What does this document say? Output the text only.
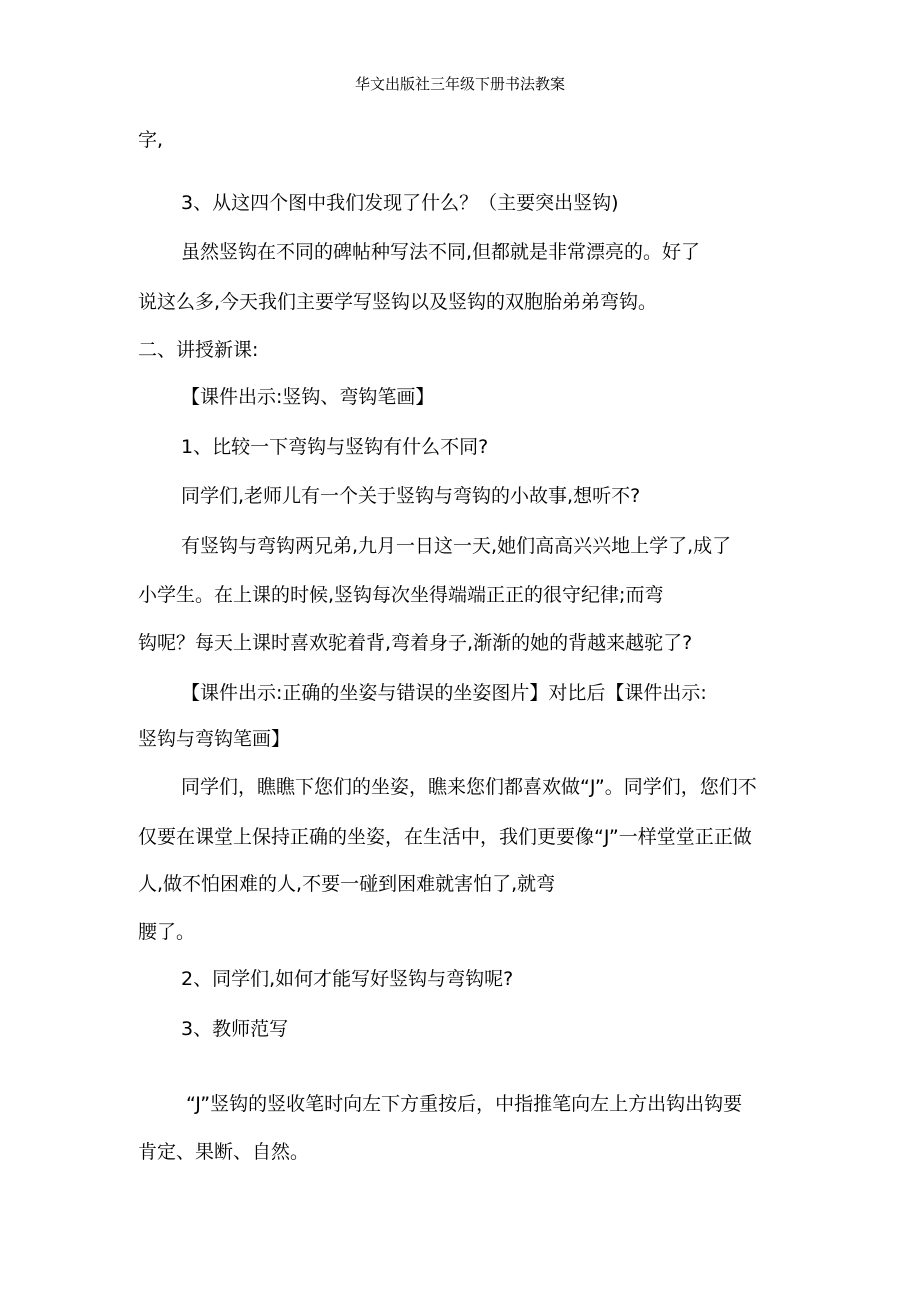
华文出版社三年级下册书法教案
字,
3、从这四个图中我们发现了什么？（主要突出竖钩)
虽然竖钩在不同的碑帖种写法不同,但都就是非常漂亮的。好了
说这么多,今天我们主要学写竖钩以及竖钩的双胞胎弟弟弯钩。
二、讲授新课:
【课件出示:竖钩、弯钩笔画】
1、比较一下弯钩与竖钩有什么不同?
同学们,老师儿有一个关于竖钩与弯钩的小故事,想听不?
有竖钩与弯钩两兄弟,九月一日这一天,她们高高兴兴地上学了,成了
小学生。在上课的时候,竖钩每次坐得端端正正的很守纪律;而弯
钩呢？每天上课时喜欢驼着背,弯着身子,渐渐的她的背越来越驼了?
【课件出示:正确的坐姿与错误的坐姿图片】对比后【课件出示:
竖钩与弯钩笔画】
同学们，瞧瞧下您们的坐姿，瞧来您们都喜欢做“J”。同学们，您们不
仅要在课堂上保持正确的坐姿，在生活中，我们更要像“J”一样堂堂正正做
人,做不怕困难的人,不要一碰到困难就害怕了,就弯
腰了。
2、同学们,如何才能写好竖钩与弯钩呢?
3、教师范写
“J”竖钩的竖收笔时向左下方重按后，中指推笔向左上方出钩出钩要
肯定、果断、自然。
